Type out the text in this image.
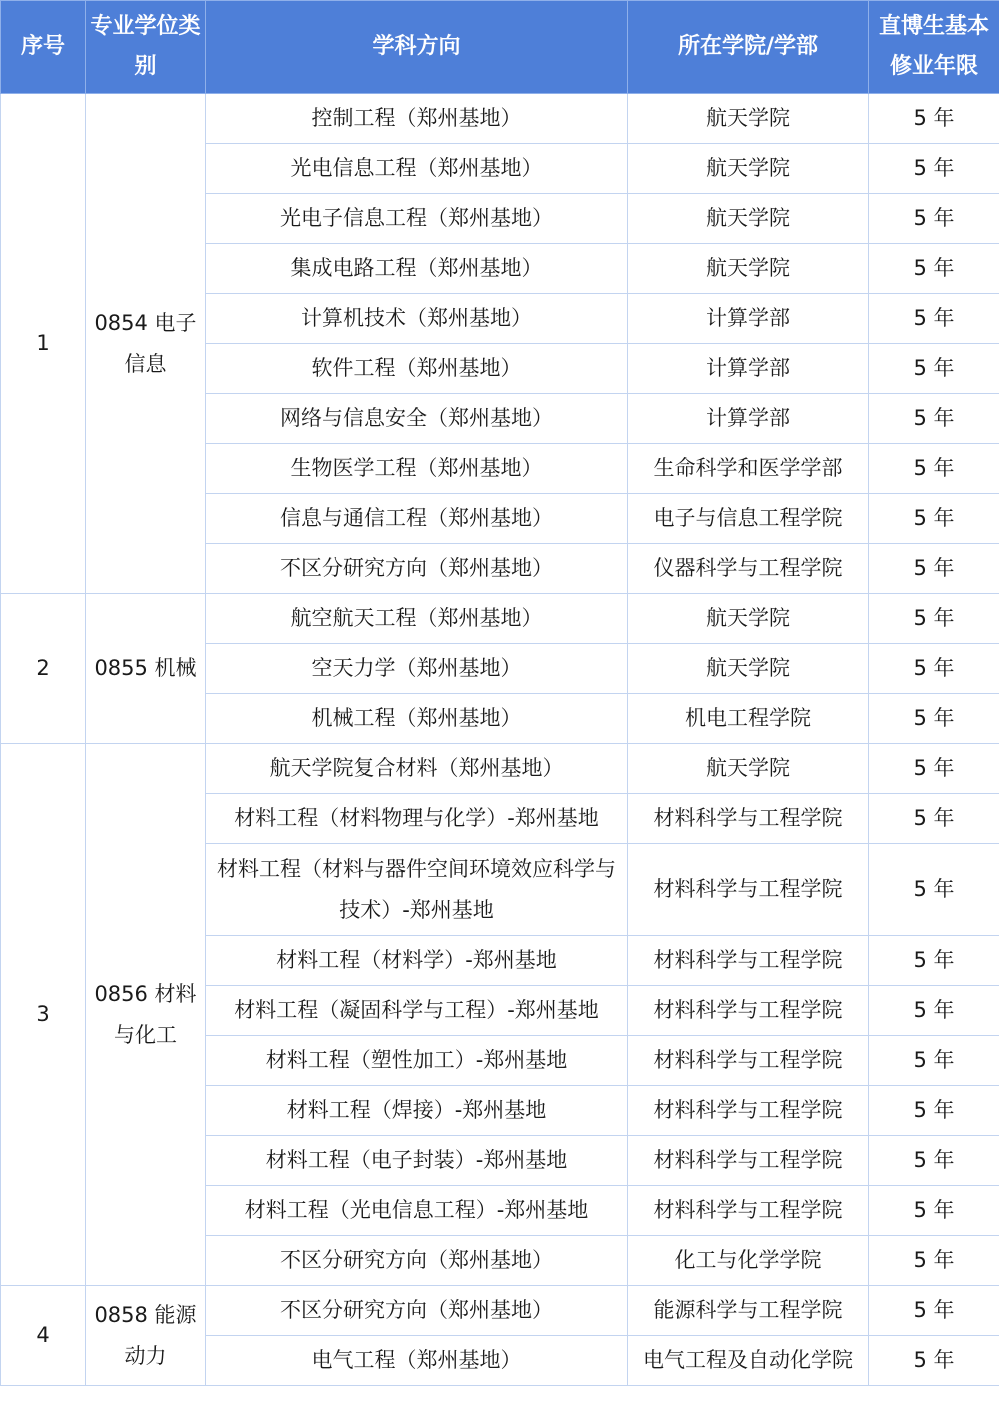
序号	专业学位类别	学科方向	所在学院/学部	直博生基本修业年限
1	0854 电子信息	控制工程（郑州基地）	航天学院	5 年
		光电信息工程（郑州基地）	航天学院	5 年
		光电子信息工程（郑州基地）	航天学院	5 年
		集成电路工程（郑州基地）	航天学院	5 年
		计算机技术（郑州基地）	计算学部	5 年
		软件工程（郑州基地）	计算学部	5 年
		网络与信息安全（郑州基地）	计算学部	5 年
		生物医学工程（郑州基地）	生命科学和医学学部	5 年
		信息与通信工程（郑州基地）	电子与信息工程学院	5 年
		不区分研究方向（郑州基地）	仪器科学与工程学院	5 年
2	0855 机械	航空航天工程（郑州基地）	航天学院	5 年
		空天力学（郑州基地）	航天学院	5 年
		机械工程（郑州基地）	机电工程学院	5 年
3	0856 材料与化工	航天学院复合材料（郑州基地）	航天学院	5 年
		材料工程（材料物理与化学）-郑州基地	材料科学与工程学院	5 年
		材料工程（材料与器件空间环境效应科学与技术）-郑州基地	材料科学与工程学院	5 年
		材料工程（材料学）-郑州基地	材料科学与工程学院	5 年
		材料工程（凝固科学与工程）-郑州基地	材料科学与工程学院	5 年
		材料工程（塑性加工）-郑州基地	材料科学与工程学院	5 年
		材料工程（焊接）-郑州基地	材料科学与工程学院	5 年
		材料工程（电子封装）-郑州基地	材料科学与工程学院	5 年
		材料工程（光电信息工程）-郑州基地	材料科学与工程学院	5 年
		不区分研究方向（郑州基地）	化工与化学学院	5 年
4	0858 能源动力	不区分研究方向（郑州基地）	能源科学与工程学院	5 年
		电气工程（郑州基地）	电气工程及自动化学院	5 年
